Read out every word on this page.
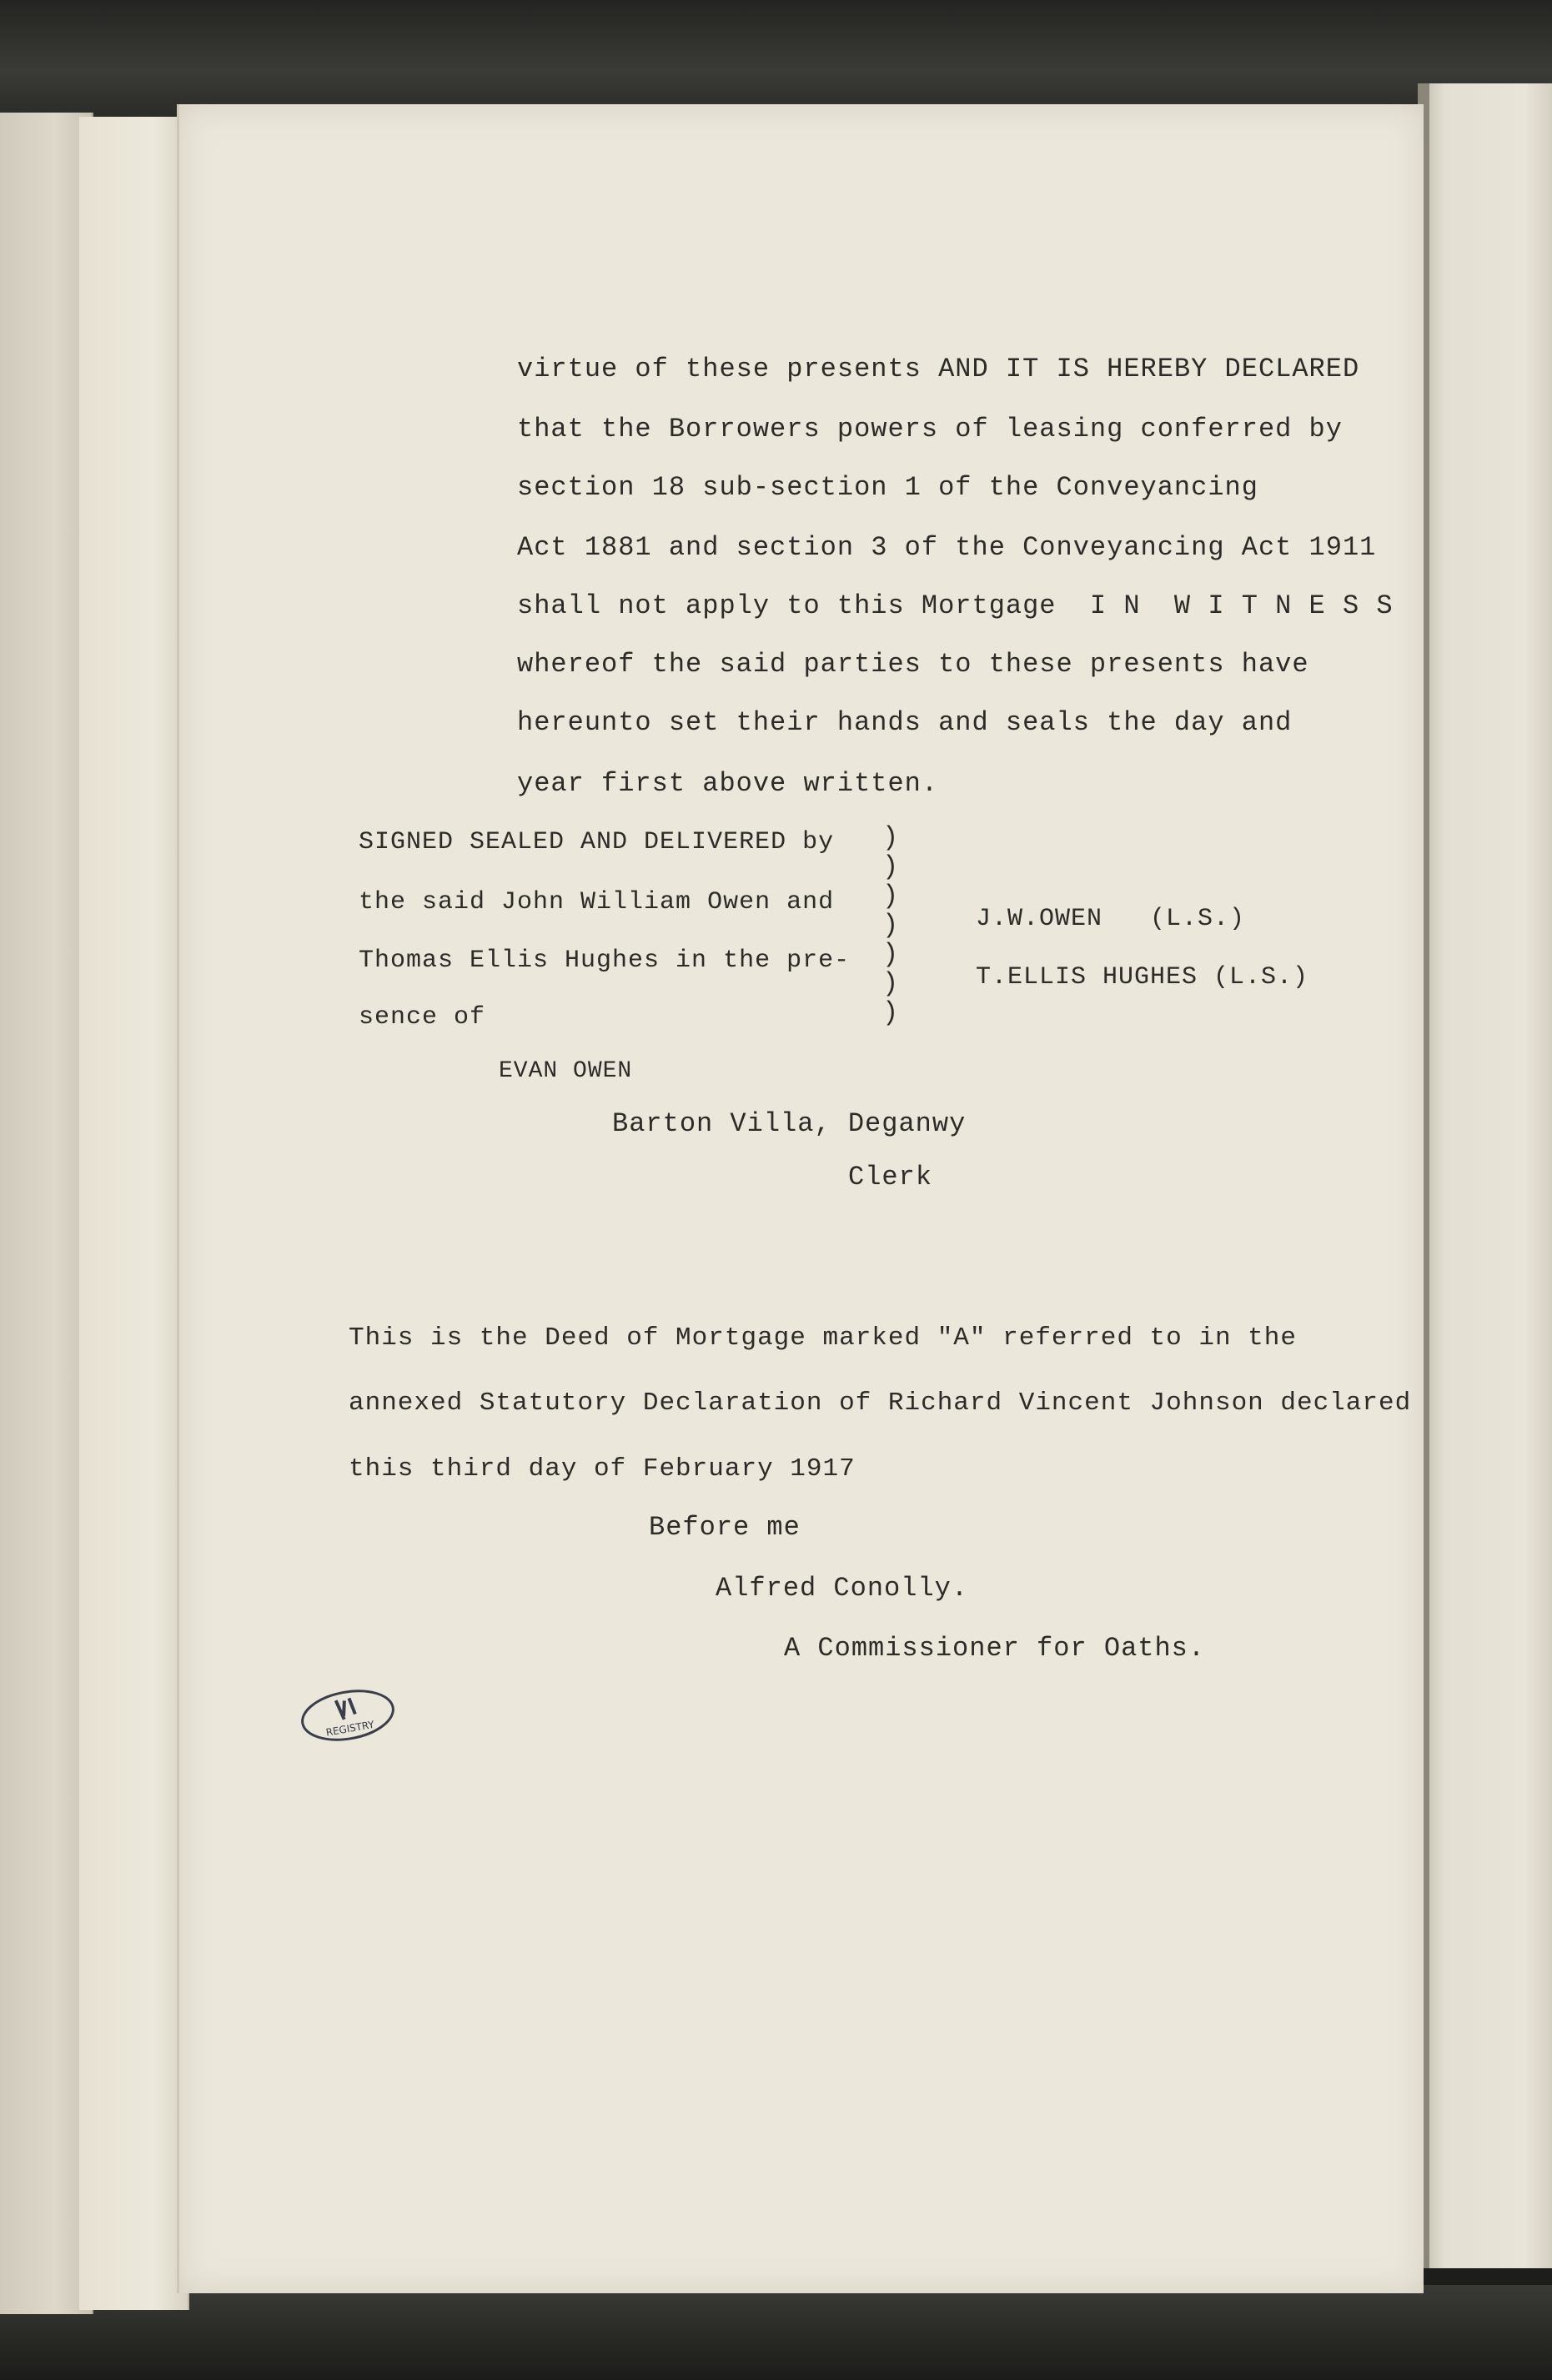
virtue of these presents AND IT IS HEREBY DECLARED
that the Borrowers powers of leasing conferred by
section 18 sub-section 1 of the Conveyancing
Act 1881 and section 3 of the Conveyancing Act 1911
shall not apply to this Mortgage  I N  W I T N E S S
whereof the said parties to these presents have
hereunto set their hands and seals the day and
year first above written.
SIGNED SEALED AND DELIVERED by
the said John William Owen and
Thomas Ellis Hughes in the pre-
sence of
)
)
)
)
)
)
)
J.W.OWEN   (L.S.)
T.ELLIS HUGHES (L.S.)
EVAN OWEN
Barton Villa, Deganwy
Clerk
This is the Deed of Mortgage marked "A" referred to in the
annexed Statutory Declaration of Richard Vincent Johnson declared
this third day of February 1917
Before me
Alfred Conolly.
A Commissioner for Oaths.
REGISTRY
